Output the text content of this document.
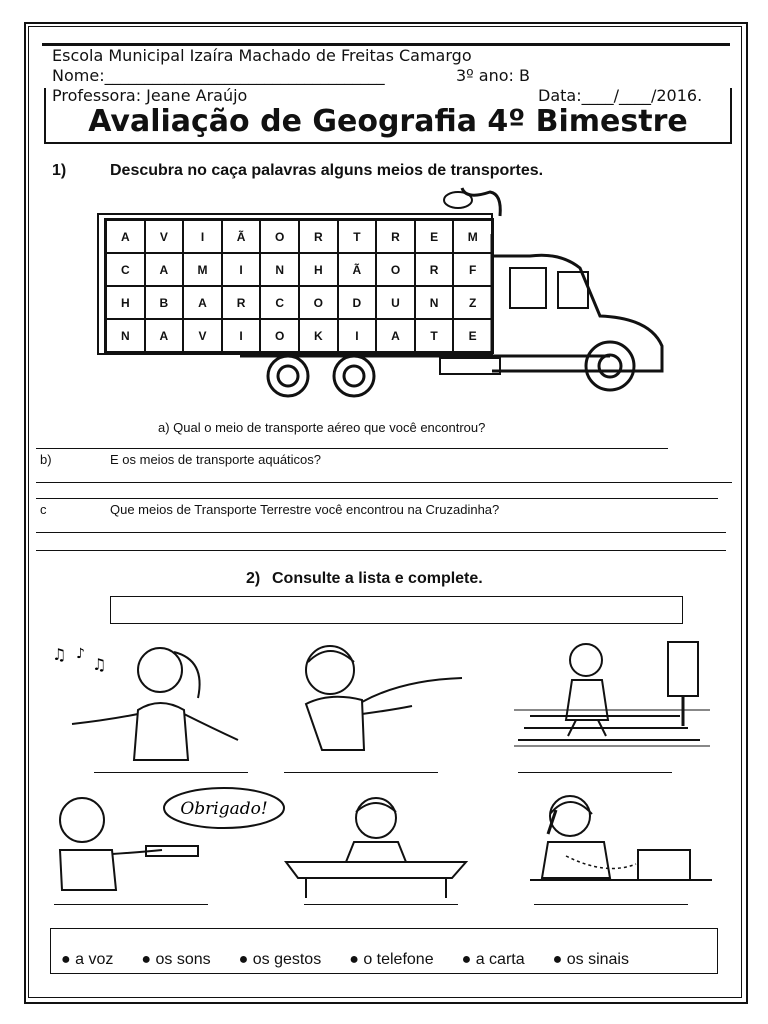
Escola Municipal Izaíra Machado de Freitas Camargo
Nome:___________________________________	3º ano: B
Professora: Jeane Araújo	Data:____/____/2016.
Avaliação de Geografia 4º Bimestre
1)	Descubra no caça palavras alguns meios de transportes.
A	V	I	Ã	O	R	T	R	E	M
C	A	M	I	N	H	Ã	O	R	F
H	B	A	R	C	O	D	U	N	Z
N	A	V	I	O	K	I	A	T	E
a) Qual o meio de transporte aéreo que você encontrou?
b)	E os meios de transporte aquáticos?
c	Que meios de Transporte Terrestre você encontrou na Cruzadinha?
2) Consulte a lista e complete.
♫ ♪
♫
Obrigado!
● a voz ● os sons ● os gestos ● o telefone ● a carta ● os sinais
